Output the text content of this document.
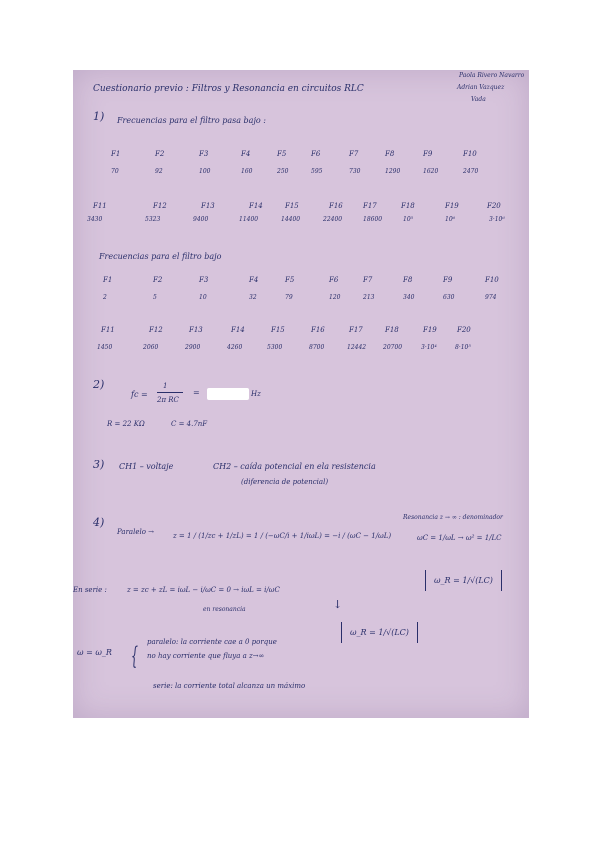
Cuestionario previo : Filtros y Resonancia en circuitos RLC
Paola Rivero Navarro
Adrian Vazquez
Vada
1) Frecuencias para el filtro pasa bajo :
F1	F2	F3	F4	F5	F6	F7	F8	F9	F10
70	92	100	160	250	595	730	1290	1620	2470
F11	F12	F13	F14	F15	F16	F17	F18	F19	F20
3430	5323	9400	11400	14400	22400	18600	10⁵	10⁶	3·10⁶
Frecuencias para el filtro bajo
F1	F2	F3	F4	F5	F6	F7	F8	F9	F10
2	5	10	32	79	120	213	340	630	974
F11	F12	F13	F14	F15	F16	F17	F18	F19	F20
1450	2060	2900	4260	5300	8700	12442	20700	3·10⁴	8·10⁵
2)
fc =
1
2π RC
=	Hz
R = 22 KΩ	C = 4.7nF
3) CH1 – voltaje	CH2 – caída potencial en ela resistencia
(diferencia de potencial)
4)
Paralelo →	z = 1 / (1/zc + 1/zL) = 1 / (−ωC/i + 1/iωL) = −i / (ωC − 1/ωL)
Resonancia z → ∞ : denominador
ωC = 1/ωL → ω² = 1/LC
En serie :	z = zc + zL = iωL − i/ωC = 0 → iωL = i/ωC
en resonancia
ω_R = 1/√(LC)
ω_R = 1/√(LC)
↓
ω = ω_R { paralelo: la corriente cae a 0 porque
no hay corriente que fluya a z→∞
serie: la corriente total alcanza un máximo
